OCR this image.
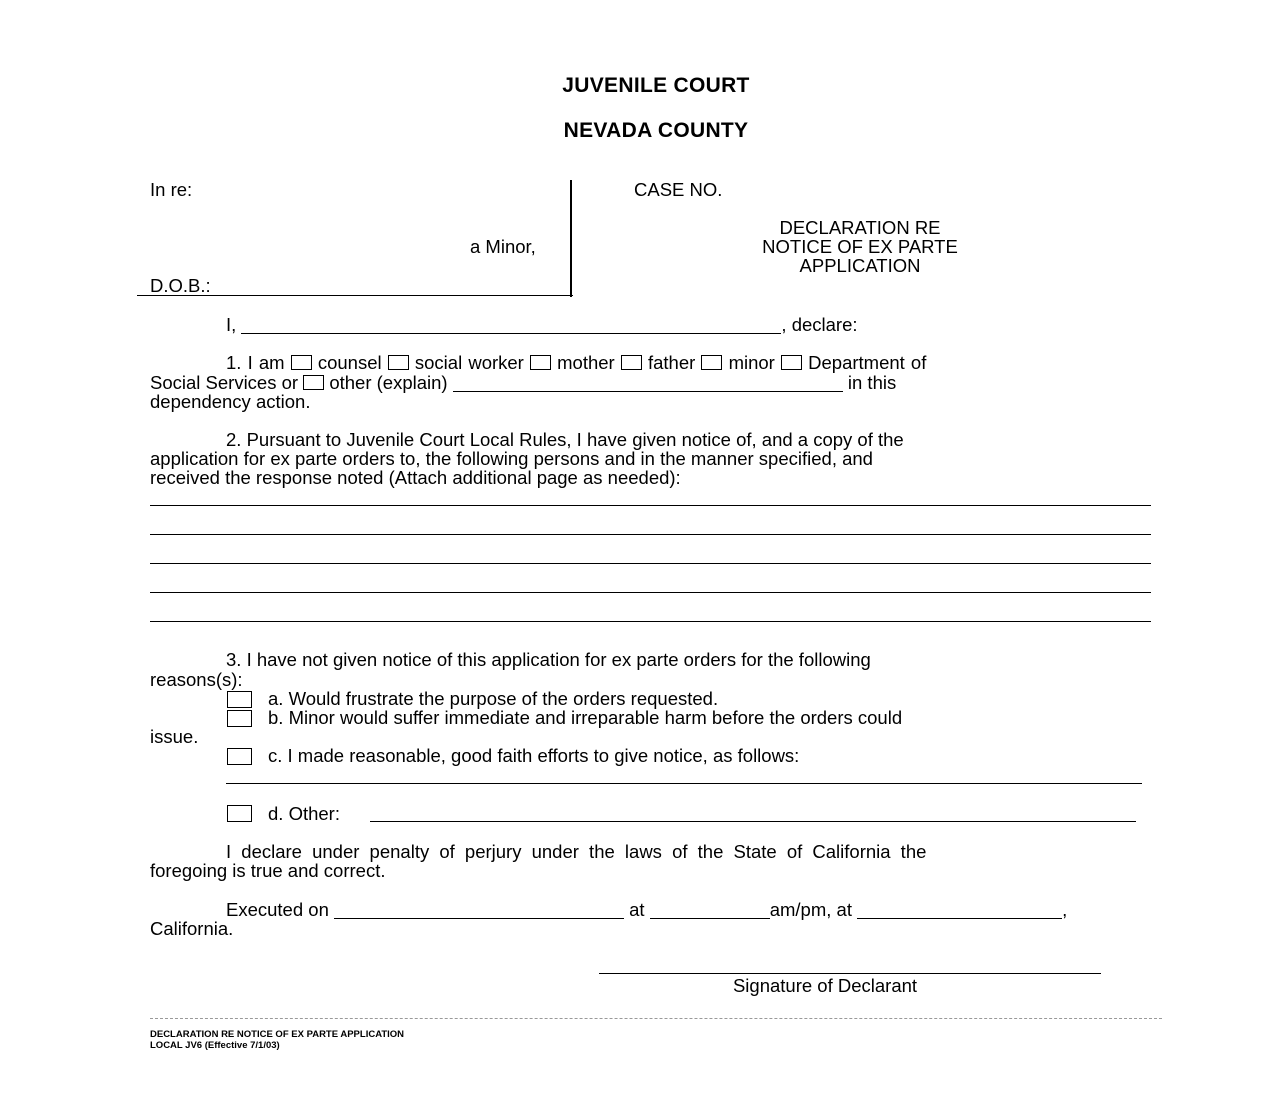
JUVENILE COURT
NEVADA COUNTY
In re:
a Minor,
D.O.B.:
CASE NO.
DECLARATION RE
NOTICE OF EX PARTE
APPLICATION
I,	, declare:
1. I am counsel social worker mother father minor Department of
Social Services or other (explain)	in this
dependency action.
2. Pursuant to Juvenile Court Local Rules, I have given notice of, and a copy of the
application for ex parte orders to, the following persons and in the manner specified, and
received the response noted (Attach additional page as needed):
3. I have not given notice of this application for ex parte orders for the following
reasons(s):
a. Would frustrate the purpose of the orders requested.
b. Minor would suffer immediate and irreparable harm before the orders could
issue.
c. I made reasonable, good faith efforts to give notice, as follows:
d. Other:
I declare under penalty of perjury under the laws of the State of California the
foregoing is true and correct.
Executed on	at	am/pm, at	,
California.
Signature of Declarant
DECLARATION RE NOTICE OF EX PARTE APPLICATION
LOCAL JV6 (Effective 7/1/03)
